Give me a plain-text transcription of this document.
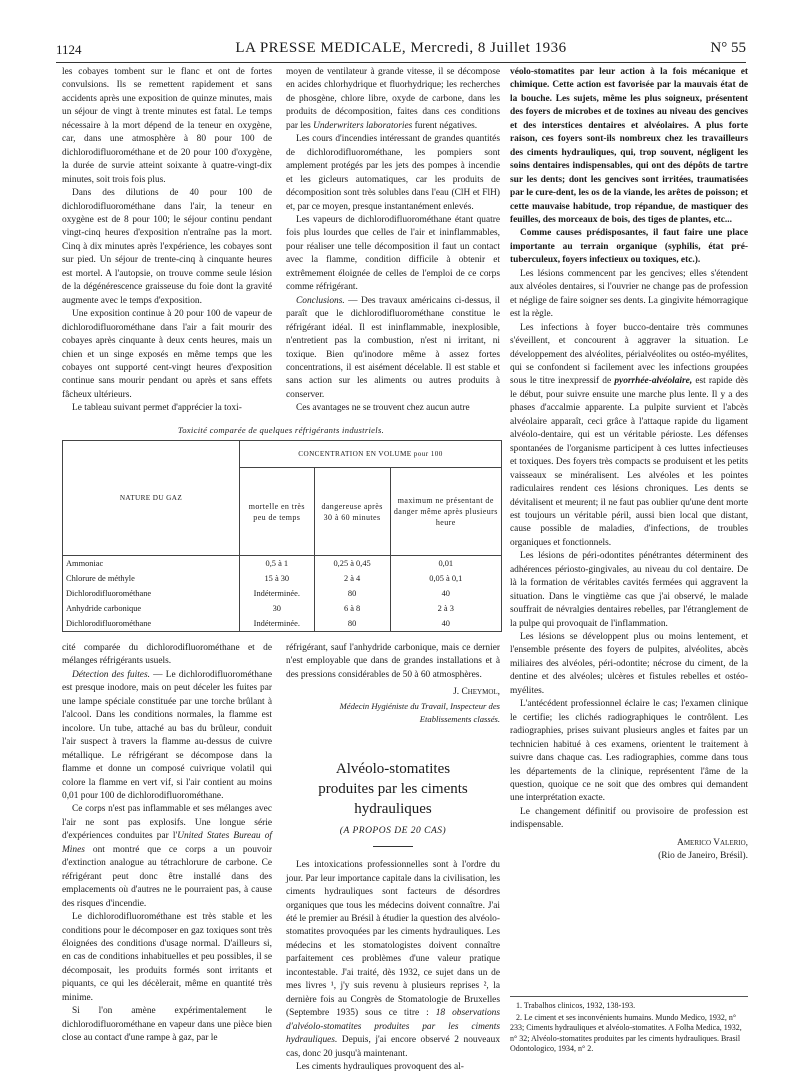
1124	LA PRESSE MEDICALE, Mercredi, 8 Juillet 1936	N° 55

les cobayes tombent sur le flanc et ont de fortes convulsions. Ils se remettent rapidement et sans accidents après une exposition de quinze minutes, mais un séjour de vingt à trente minutes est fatal. Le temps nécessaire à la mort dépend de la teneur en oxygène, car, dans une atmosphère à 80 pour 100 de dichlorodifluorométhane et de 20 pour 100 d'oxygène, la durée de survie atteint soixante à quatre-vingt-dix minutes, soit trois fois plus.

Dans des dilutions de 40 pour 100 de dichlorodifluorométhane dans l'air, la teneur en oxygène est de 8 pour 100; le séjour continu pendant vingt-cinq heures d'exposition n'entraîne pas la mort. Cinq à dix minutes après l'expérience, les cobayes sont sur pied. Un séjour de trente-cinq à cinquante heures est mortel. A l'autopsie, on trouve comme seule lésion de la dégénérescence graisseuse du foie dont la gravité augmente avec le temps d'exposition.

Une exposition continue à 20 pour 100 de vapeur de dichlorodifluorométhane dans l'air a fait mourir des cobayes après cinquante à deux cents heures, mais un chien et un singe exposés en même temps que les cobayes ont supporté cent-vingt heures d'exposition continue sans mourir pendant ou après et sans effets fâcheux ultérieurs.

Le tableau suivant permet d'apprécier la toxi-

moyen de ventilateur à grande vitesse, il se décompose en acides chlorhydrique et fluorhydrique; les recherches de phosgène, chlore libre, oxyde de carbone, dans les produits de décomposition, faites dans ces conditions par les Underwriters laboratories furent négatives.

Les cours d'incendies intéressant de grandes quantités de dichlorodifluorométhane, les pompiers sont amplement protégés par les jets des pompes à incendie et les gicleurs automatiques, car les produits de décomposition sont très solubles dans l'eau (ClH et FlH) et, par ce moyen, presque instantanément enlevés.

Les vapeurs de dichlorodifluorométhane étant quatre fois plus lourdes que celles de l'air et ininflammables, pour réaliser une telle décomposition il faut un contact avec la flamme, condition difficile à obtenir et extrêmement éloignée de celles de l'emploi de ce corps comme réfrigérant.

Conclusions. — Des travaux américains ci-dessus, il paraît que le dichlorodifluorométhane constitue le réfrigérant idéal. Il est ininflammable, inexplosible, n'entretient pas la combustion, n'est ni irritant, ni toxique. Bien qu'inodore même à assez fortes concentrations, il est aisément décelable. Il est stable et sans action sur les aliments ou autres produits à conserver.

Ces avantages ne se trouvent chez aucun autre

véolo-stomatites par leur action à la fois mécanique et chimique. Cette action est favorisée par la mauvais état de la bouche. Les sujets, même les plus soigneux, présentent des foyers de microbes et de toxines au niveau des gencives et des interstices dentaires et alvéolaires. A plus forte raison, ces foyers sont-ils nombreux chez les travailleurs des ciments hydrauliques, qui, trop souvent, négligent les soins dentaires indispensables, qui ont des dépôts de tartre sur les dents; dont les gencives sont irritées, traumatisées par le cure-dent, les os de la viande, les arêtes de poisson; et cette mauvaise habitude, trop répandue, de mastiquer des feuilles, des morceaux de bois, des tiges de plantes, etc...

Comme causes prédisposantes, il faut faire une place importante au terrain organique (syphilis, état pré-tuberculeux, foyers infectieux ou toxiques, etc.).

Les lésions commencent par les gencives; elles s'étendent aux alvéoles dentaires, si l'ouvrier ne change pas de profession et néglige de faire soigner ses dents. La gingivite hémorragique est la règle.

Les infections à foyer bucco-dentaire très communes s'éveillent, et concourent à aggraver la situation. Le développement des alvéolites, périalvéolites ou ostéo-myélites, qui se confondent si facilement avec les infections groupées sous le titre inexpressif de pyorrhée-alvéolaire, est rapide dès le début, pour suivre ensuite une marche plus lente. Il y a des phases d'accalmie apparente. La pulpite survient et l'abcès alvéolaire apparaît, ceci grâce à l'attaque rapide du ligament alvéolo-dentaire, qui est un véritable périoste. Les défenses spontanées de l'organisme participent à ces luttes infectieuses et toxiques. Des foyers très compacts se produisent et les petits vaisseaux se minéralisent. Les alvéoles et les pointes radiculaires rendent ces lésions chroniques. Les dents se dévitalisent et meurent; il ne faut pas oublier qu'une dent morte est toujours un véritable péril, aussi bien local que distant, cause possible de maladies, d'infections, de troubles organiques et fonctionnels.

Les lésions de péri-odontites pénétrantes déterminent des adhérences périosto-gingivales, au niveau du col dentaire. De là la formation de véritables cavités fermées qui aggravent la situation. Dans le vingtième cas que j'ai observé, le malade souffrait de névralgies dentaires rebelles, par l'étranglement de la pulpe qui provoquait de l'inflammation.

Les lésions se développent plus ou moins lentement, et l'ensemble présente des foyers de pulpites, alvéolites, abcès miliaires des alvéoles, péri-odontite; nécrose du ciment, de la dentine et des alvéoles; ulcères et fistules rebelles et ostéo-myélites.

L'antécédent professionnel éclaire le cas; l'examen clinique le certifie; les clichés radiographiques le contrôlent. Les radiographies, prises suivant plusieurs angles et faites par un technicien habitué à ces examens, orientent le traitement à suivre dans chaque cas. Les radiographies, comme dans tous les départements de la clinique, représentent l'âme de la question, quoique ce ne soit que des ombres qui demandent une interprétation exacte.

Le changement définitif ou provisoire de profession est indispensable.

Americo Valerio,
(Rio de Janeiro, Brésil).
Toxicité comparée de quelques réfrigérants industriels.
NATURE DU GAZ	CONCENTRATION EN VOLUME pour 100		
	mortelle en très peu de temps	dangereuse après 30 à 60 minutes	maximum ne présentant de danger même après plusieurs heure
Ammoniac	0,5 à 1	0,25 à 0,45	0,01
Chlorure de méthyle	15 à 30	2 à 4	0,05 à 0,1
Dichlorodifluorométhane	Indéterminée.	80	40
Anhydride carbonique	30	6 à 8	2 à 3
Dichlorodifluorométhane	Indéterminée.	80	40

cité comparée du dichlorodifluorométhane et de mélanges réfrigérants usuels.

Détection des fuites. — Le dichlorodifluorométhane est presque inodore, mais on peut déceler les fuites par une lampe spéciale constituée par une torche brûlant à l'alcool. Dans les conditions normales, la flamme est incolore. Un tube, attaché au bas du brûleur, conduit l'air suspect à travers la flamme au-dessus de cuivre métallique. Le réfrigérant se décompose dans la flamme et donne un composé cuivrique volatil qui colore la flamme en vert vif, si l'air contient au moins 0,01 pour 100 de dichlorodifluorométhane.

Ce corps n'est pas inflammable et ses mélanges avec l'air ne sont pas explosifs. Une longue série d'expériences conduites par l'United States Bureau of Mines ont montré que ce corps a un pouvoir d'extinction analogue au tétrachlorure de carbone. Ce réfrigérant peut donc être installé dans des emplacements où d'autres ne le pourraient pas, à cause des risques d'incendie.

Le dichlorodifluorométhane est très stable et les conditions pour le décomposer en gaz toxiques sont très éloignées des conditions d'usage normal. D'ailleurs si, en cas de conditions inhabituelles et peu possibles, il se décomposait, les produits formés sont irritants et piquants, ce qui les décèlerait, même en quantité très minime.

Si l'on amène expérimentalement le dichlorodifluorométhane en vapeur dans une pièce bien close au contact d'une rampe à gaz, par le

réfrigérant, sauf l'anhydride carbonique, mais ce dernier n'est employable que dans de grandes installations et à des pressions considérables de 50 à 60 atmosphères.

J. Cheymol,
Médecin Hygiéniste du Travail, Inspecteur des Etablissements classés.
Alvéolo-stomatites
produites par les ciments hydrauliques
(A PROPOS DE 20 CAS)

Les intoxications professionnelles sont à l'ordre du jour. Par leur importance capitale dans la civilisation, les ciments hydrauliques sont facteurs de désordres organiques que tous les médecins doivent connaître. J'ai été le premier au Brésil à étudier la question des alvéolo-stomatites provoquées par les ciments hydrauliques. Les médecins et les stomatologistes doivent connaître parfaitement ces problèmes d'une valeur pratique incontestable. J'ai traité, dès 1932, ce sujet dans un de mes livres ¹, j'y suis revenu à plusieurs reprises ², la dernière fois au Congrès de Stomatologie de Bruxelles (Septembre 1935) sous ce titre : 18 observations d'alvéolo-stomatites produites par les ciments hydrauliques. Depuis, j'ai encore observé 2 nouveaux cas, donc 20 jusqu'à maintenant.

Les ciments hydrauliques provoquent des al-

1. Trabalhos clinicos, 1932, 138-193.

2. Le ciment et ses inconvénients humains. Mundo Medico, 1932, n° 233; Ciments hydrauliques et alvéolo-stomatites. A Folha Medica, 1932, n° 32; Alvéolo-stomatites produites par les ciments hydrauliques. Brasil Odontologico, 1934, n° 2.
